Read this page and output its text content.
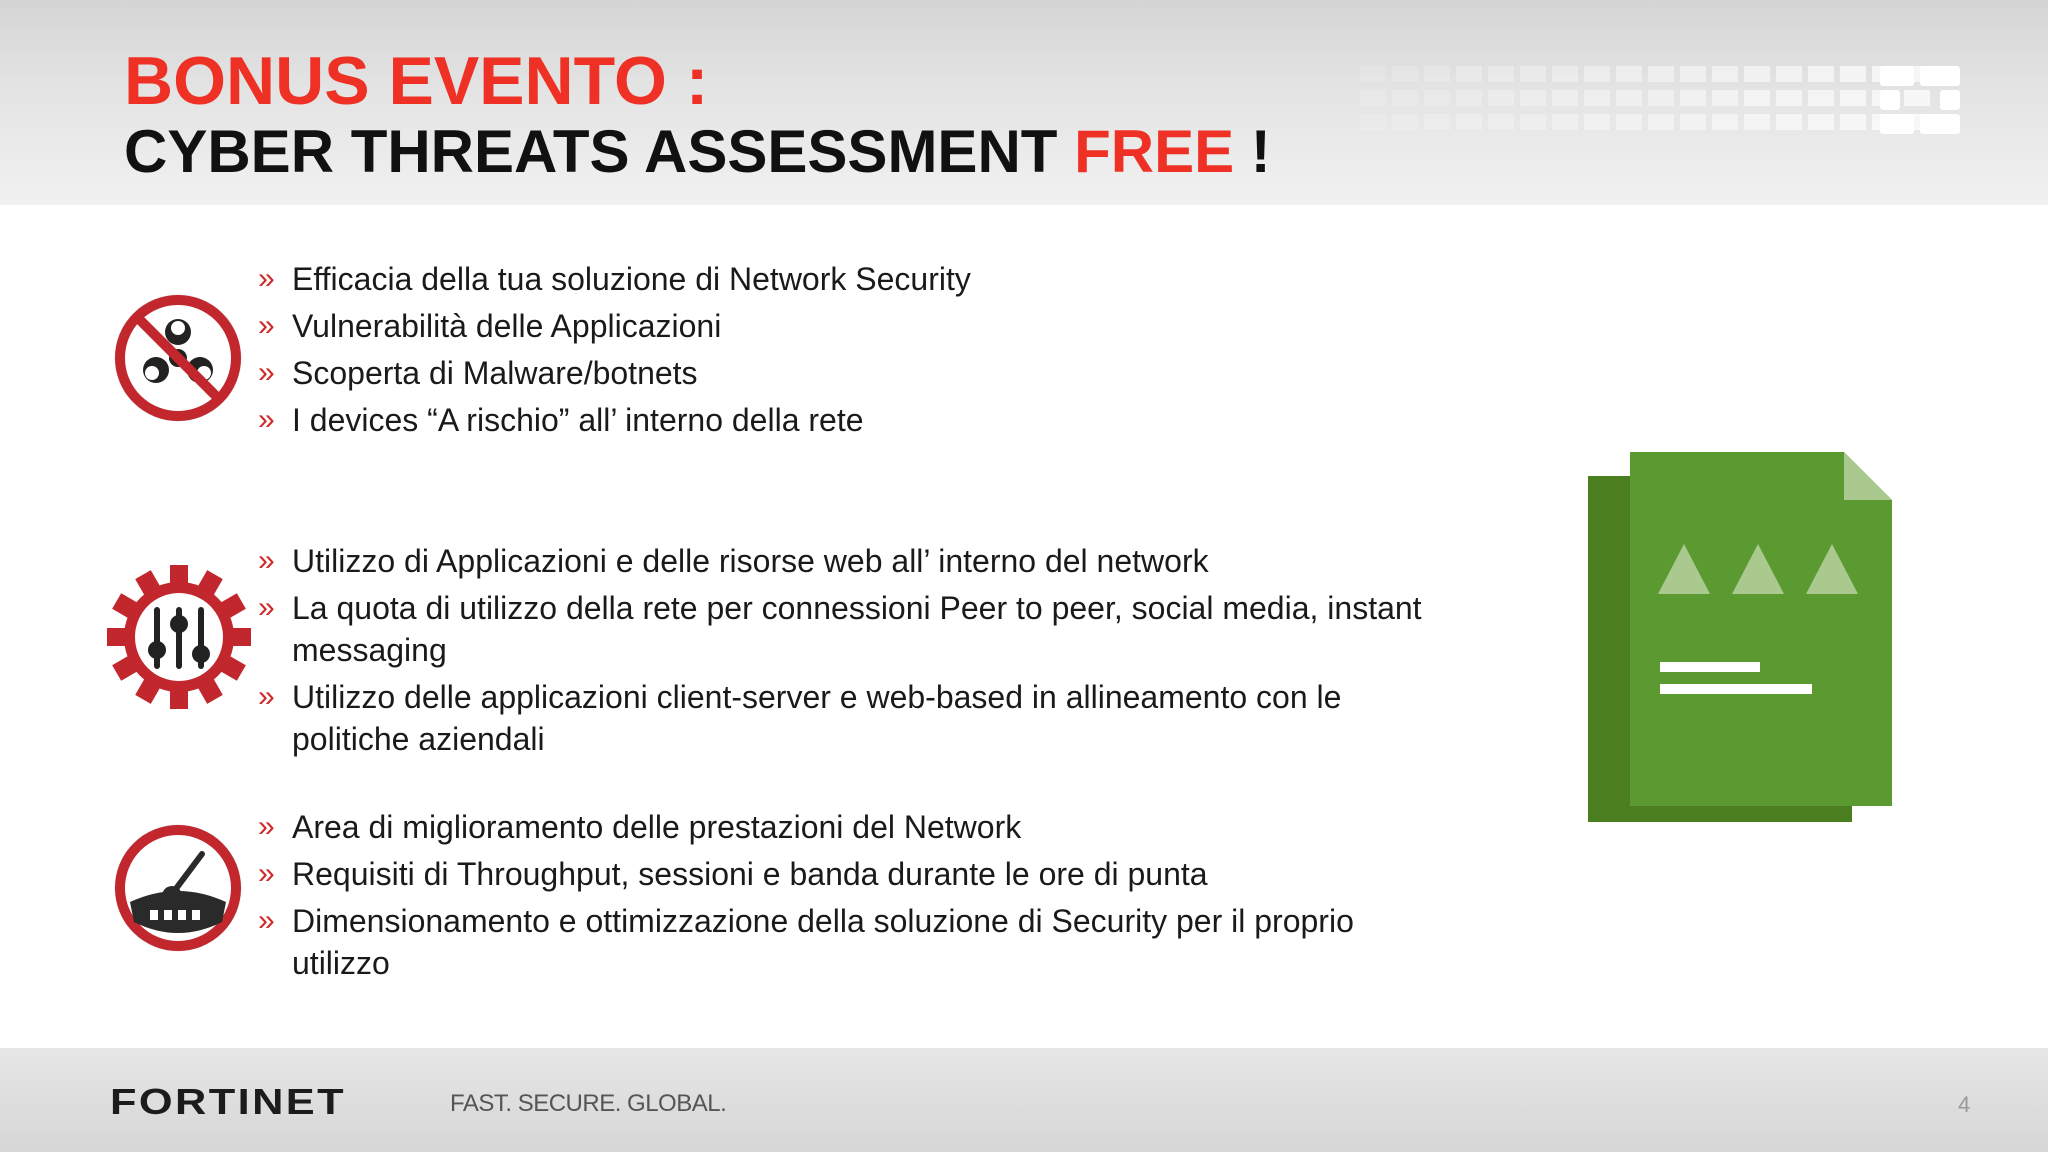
BONUS EVENTO :
CYBER THREATS ASSESSMENT FREE !
» Efficacia della tua soluzione di Network Security
» Vulnerabilità delle Applicazioni
» Scoperta di Malware/botnets
» I devices “A rischio” all’ interno della rete
» Utilizzo di Applicazioni e delle risorse web all’ interno del network
» La quota di utilizzo della rete per connessioni Peer to peer, social media, instant
messaging
» Utilizzo delle applicazioni client-server e web-based in allineamento con le
politiche aziendali
» Area di miglioramento delle prestazioni del Network
» Requisiti di Throughput, sessioni e banda durante le ore di punta
» Dimensionamento e ottimizzazione della soluzione di Security per il proprio
utilizzo
FORTINET	FAST. SECURE. GLOBAL.	4
